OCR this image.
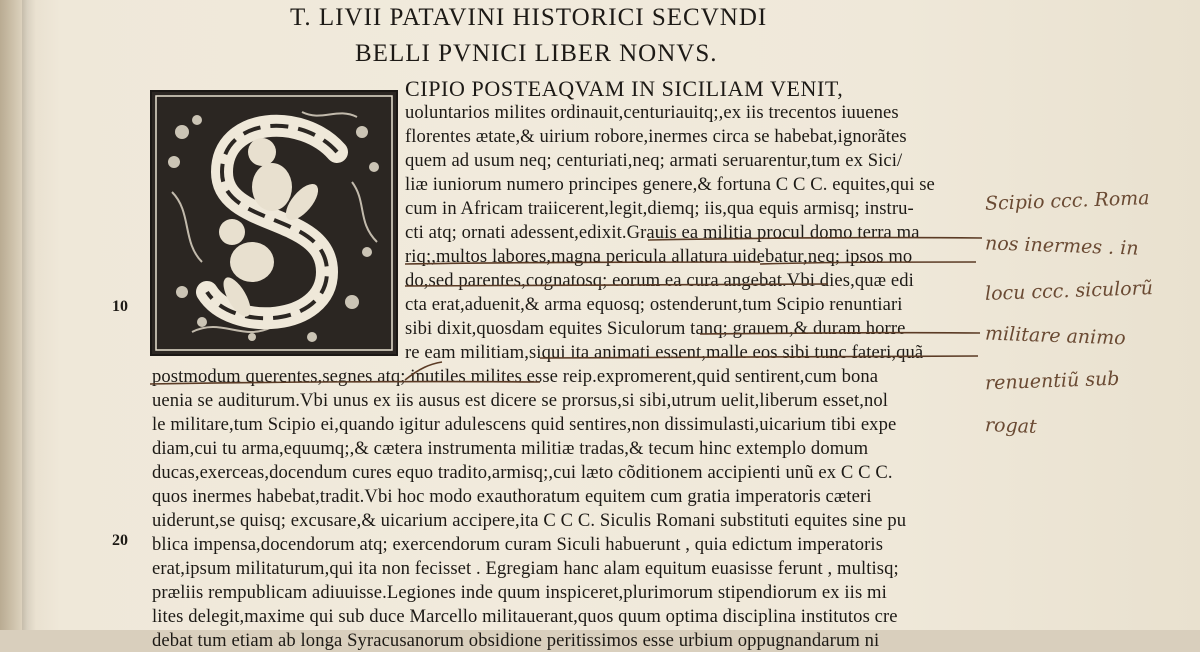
T. LIVII PATAVINI HISTORICI SECVNDI
BELLI PVNICI LIBER NONVS.
CIPIO POSTEAQVAM IN SICILIAM VENIT,
uoluntarios milites ordinauit,centuriauitq;,ex iis trecentos iuuenes
florentes ætate,& uirium robore,inermes circa se habebat,ignorãtes
quem ad usum neq; centuriati,neq; armati seruarentur,tum ex Sici/
liæ iuniorum numero principes genere,& fortuna C C C. equites,qui se
cum in Africam traiicerent,legit,diemq; iis,qua equis armisq; instru-
cti atq; ornati adessent,edixit.Grauis ea militia procul domo terra ma
riq;,multos labores,magna pericula allatura uidebatur,neq; ipsos mo
do,sed parentes,cognatosq; eorum ea cura angebat.Vbi dies,quæ edi
cta erat,aduenit,& arma equosq; ostenderunt,tum Scipio renuntiari
sibi dixit,quosdam equites Siculorum tanq; grauem,& duram horre
re eam militiam,siqui ita animati essent,malle eos sibi tunc fateri,quã
postmodum querentes,segnes atq; inutiles milites esse reip.expromerent,quid sentirent,cum bona
uenia se auditurum.Vbi unus ex iis ausus est dicere se prorsus,si sibi,utrum uelit,liberum esset,nol
le militare,tum Scipio ei,quando igitur adulescens quid sentires,non dissimulasti,uicarium tibi expe
diam,cui tu arma,equumq;,& cætera instrumenta militiæ tradas,& tecum hinc extemplo domum
ducas,exerceas,docendum cures equo tradito,armisq;,cui læto cõditionem accipienti unũ ex C C C.
quos inermes habebat,tradit.Vbi hoc modo exauthoratum equitem cum gratia imperatoris cæteri
uiderunt,se quisq; excusare,& uicarium accipere,ita C C C. Siculis Romani substituti equites sine pu
blica impensa,docendorum atq; exercendorum curam Siculi habuerunt , quia edictum imperatoris
erat,ipsum militaturum,qui ita non fecisset . Egregiam hanc alam equitum euasisse ferunt , multisq;
præliis rempublicam adiuuisse.Legiones inde quum inspiceret,plurimorum stipendiorum ex iis mi
lites delegit,maxime qui sub duce Marcello militauerant,quos quum optima disciplina institutos cre
debat tum etiam ab longa Syracusanorum obsidione peritissimos esse urbium oppugnandarum ni
10
20
Scipio ccc. Roma
nos inermes . in
locu ccc. siculorũ
militare animo
renuentiũ sub
rogat
